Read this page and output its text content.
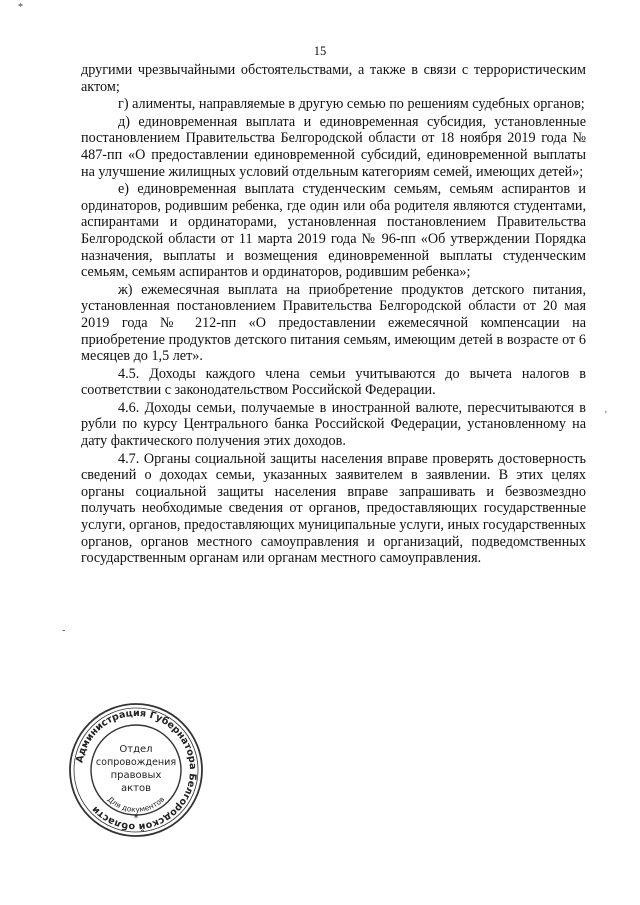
*
'
-
15

другими чрезвычайными обстоятельствами, а также в связи с террористическим актом;

г) алименты, направляемые в другую семью по решениям судебных органов;

д) единовременная выплата и единовременная субсидия, установленные постановлением Правительства Белгородской области от 18 ноября 2019 года № 487-пп «О предоставлении единовременной субсидий, единовременной выплаты на улучшение жилищных условий отдельным категориям семей, имеющих детей»;

е) единовременная выплата студенческим семьям, семьям аспирантов и ординаторов, родившим ребенка, где один или оба родителя являются студентами, аспирантами и ординаторами, установленная постановлением Правительства Белгородской области от 11 марта 2019 года № 96-пп «Об утверждении Порядка назначения, выплаты и возмещения единовременной выплаты студенческим семьям, семьям аспирантов и ординаторов, родившим ребенка»;

ж) ежемесячная выплата на приобретение продуктов детского питания, установленная постановлением Правительства Белгородской области от 20 мая 2019 года № 212-пп «О предоставлении ежемесячной компенсации на приобретение продуктов детского питания семьям, имеющим детей в возрасте от 6 месяцев до 1,5 лет».

4.5. Доходы каждого члена семьи учитываются до вычета налогов в соответствии с законодательством Российской Федерации.

4.6. Доходы семьи, получаемые в иностранной валюте, пересчитываются в рубли по курсу Центрального банка Российской Федерации, установленному на дату фактического получения этих доходов.

4.7. Органы социальной защиты населения вправе проверять достоверность сведений о доходах семьи, указанных заявителем в заявлении. В этих целях органы социальной защиты населения вправе запрашивать и безвозмездно получать необходимые сведения от органов, предоставляющих государственные услуги, органов, предоставляющих муниципальные услуги, иных государственных органов, органов местного самоуправления и организаций, подведомственных государственным органам или органам местного самоуправления.

Администрация Губернатора Белгородской области
Отдел
сопровождения
правовых
актов
Для документов
*
